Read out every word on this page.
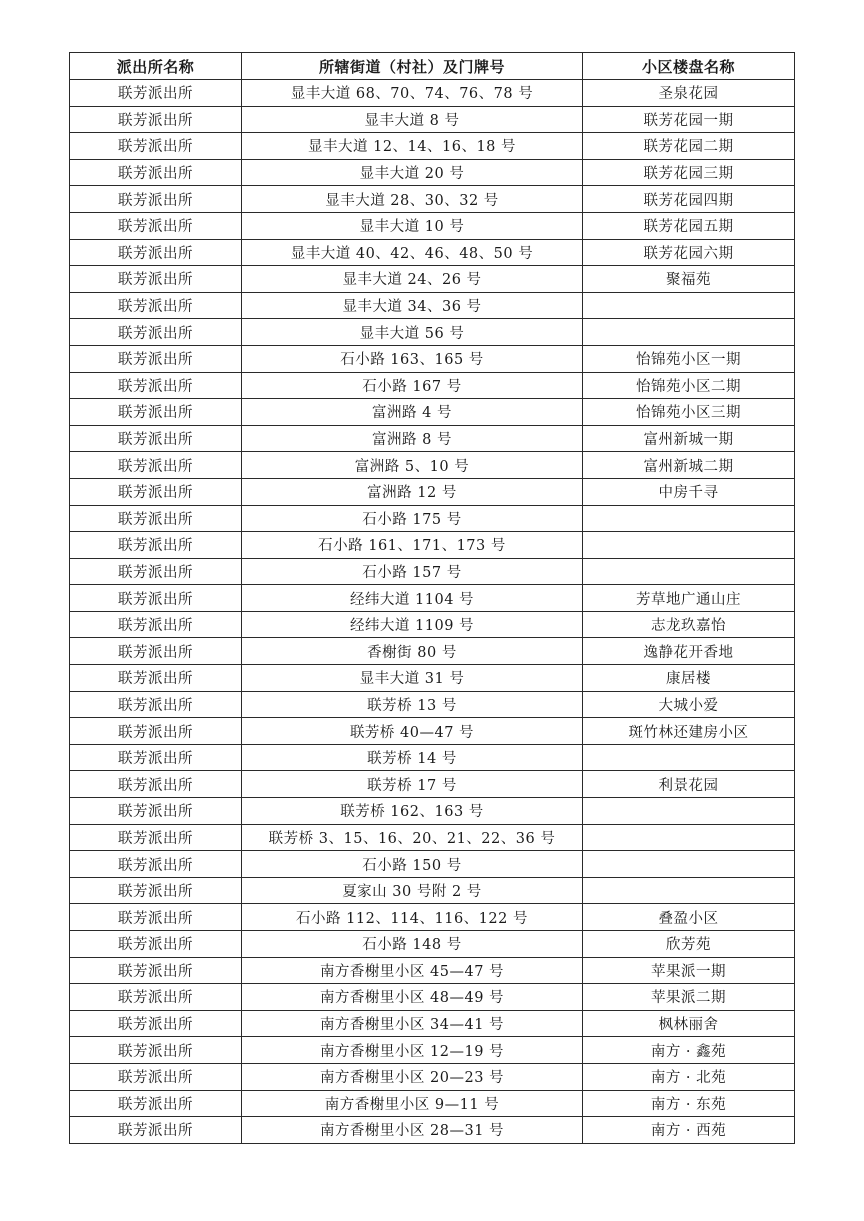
派出所名称	所辖街道（村社）及门牌号	小区楼盘名称
联芳派出所	显丰大道 68、70、74、76、78 号	圣泉花园
联芳派出所	显丰大道 8 号	联芳花园一期
联芳派出所	显丰大道 12、14、16、18 号	联芳花园二期
联芳派出所	显丰大道 20 号	联芳花园三期
联芳派出所	显丰大道 28、30、32 号	联芳花园四期
联芳派出所	显丰大道 10 号	联芳花园五期
联芳派出所	显丰大道 40、42、46、48、50 号	联芳花园六期
联芳派出所	显丰大道 24、26 号	聚福苑
联芳派出所	显丰大道 34、36 号	
联芳派出所	显丰大道 56 号	
联芳派出所	石小路 163、165 号	怡锦苑小区一期
联芳派出所	石小路 167 号	怡锦苑小区二期
联芳派出所	富洲路 4 号	怡锦苑小区三期
联芳派出所	富洲路 8 号	富州新城一期
联芳派出所	富洲路 5、10 号	富州新城二期
联芳派出所	富洲路 12 号	中房千寻
联芳派出所	石小路 175 号	
联芳派出所	石小路 161、171、173 号	
联芳派出所	石小路 157 号	
联芳派出所	经纬大道 1104 号	芳草地广通山庄
联芳派出所	经纬大道 1109 号	志龙玖嘉怡
联芳派出所	香榭街 80 号	逸静花开香地
联芳派出所	显丰大道 31 号	康居楼
联芳派出所	联芳桥 13 号	大城小爱
联芳派出所	联芳桥 40—47 号	斑竹林还建房小区
联芳派出所	联芳桥 14 号	
联芳派出所	联芳桥 17 号	利景花园
联芳派出所	联芳桥 162、163 号	
联芳派出所	联芳桥 3、15、16、20、21、22、36 号	
联芳派出所	石小路 150 号	
联芳派出所	夏家山 30 号附 2 号	
联芳派出所	石小路 112、114、116、122 号	叠盈小区
联芳派出所	石小路 148 号	欣芳苑
联芳派出所	南方香榭里小区 45—47 号	苹果派一期
联芳派出所	南方香榭里小区 48—49 号	苹果派二期
联芳派出所	南方香榭里小区 34—41 号	枫林丽舍
联芳派出所	南方香榭里小区 12—19 号	南方 · 鑫苑
联芳派出所	南方香榭里小区 20—23 号	南方 · 北苑
联芳派出所	南方香榭里小区 9—11 号	南方 · 东苑
联芳派出所	南方香榭里小区 28—31 号	南方 · 西苑
